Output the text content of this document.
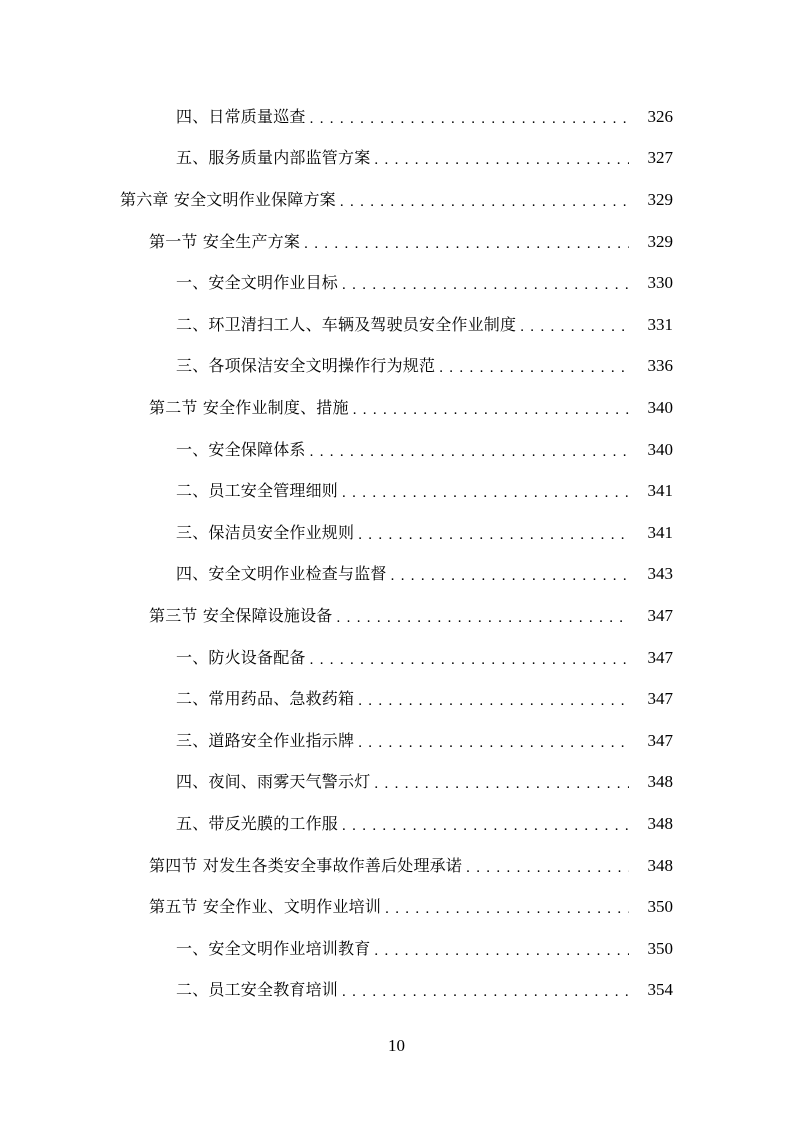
四、日常质量巡查 . . .	326
五、服务质量内部监管方案 . . .	327
第六章 安全文明作业保障方案 . . .	329
第一节 安全生产方案 . . .	329
一、安全文明作业目标 . . .	330
二、环卫清扫工人、车辆及驾驶员安全作业制度 . . .	331
三、各项保洁安全文明操作行为规范 . . .	336
第二节 安全作业制度、措施 . . .	340
一、安全保障体系 . . .	340
二、员工安全管理细则 . . .	341
三、保洁员安全作业规则 . . .	341
四、安全文明作业检查与监督 . . .	343
第三节 安全保障设施设备 . . .	347
一、防火设备配备 . . .	347
二、常用药品、急救药箱 . . .	347
三、道路安全作业指示牌 . . .	347
四、夜间、雨雾天气警示灯 . . .	348
五、带反光膜的工作服 . . .	348
第四节 对发生各类安全事故作善后处理承诺 . . .	348
第五节 安全作业、文明作业培训 . . .	350
一、安全文明作业培训教育 . . .	350
二、员工安全教育培训 . . .	354
10
